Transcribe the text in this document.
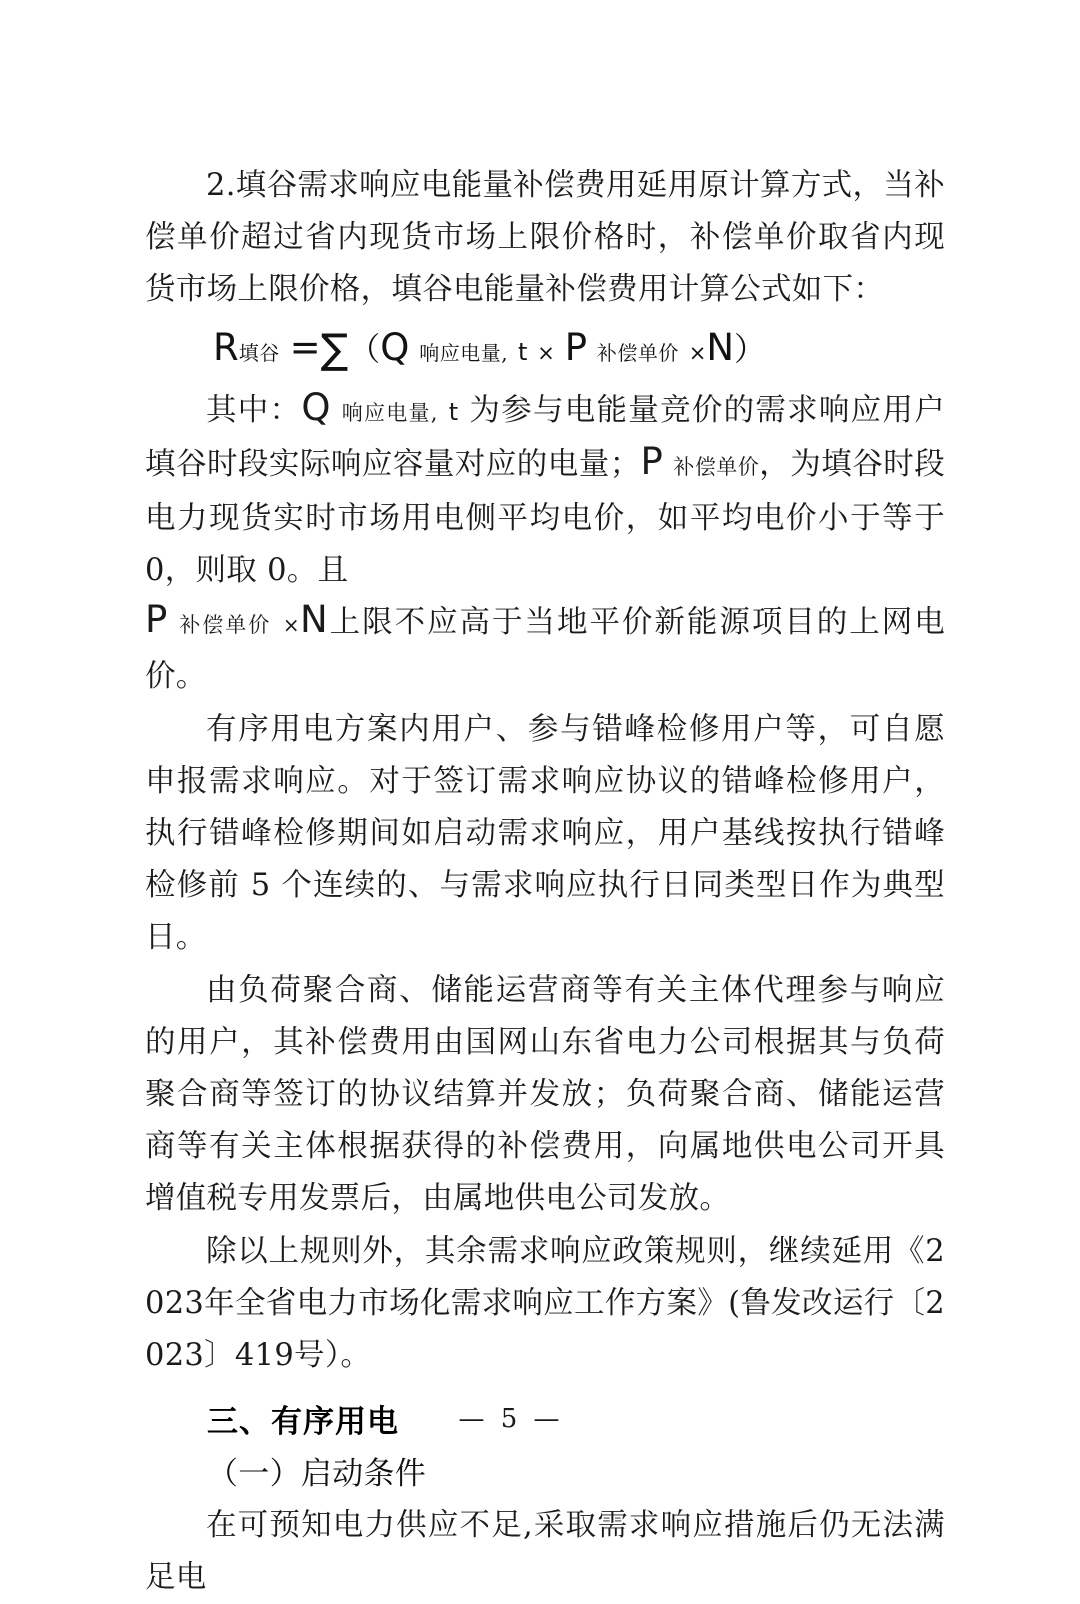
2.填谷需求响应电能量补偿费用延用原计算方式，当补偿单价超过省内现货市场上限价格时，补偿单价取省内现货市场上限价格，填谷电能量补偿费用计算公式如下：

R填谷 =∑（Q 响应电量, t × P 补偿单价 ×N）

其中：Q 响应电量, t 为参与电能量竞价的需求响应用户填谷时段实际响应容量对应的电量；P 补偿单价，为填谷时段电力现货实时市场用电侧平均电价，如平均电价小于等于 0，则取 0。且

P 补偿单价 ×N上限不应高于当地平价新能源项目的上网电价。

有序用电方案内用户、参与错峰检修用户等，可自愿申报需求响应。对于签订需求响应协议的错峰检修用户，执行错峰检修期间如启动需求响应，用户基线按执行错峰检修前 5 个连续的、与需求响应执行日同类型日作为典型日。

由负荷聚合商、储能运营商等有关主体代理参与响应的用户，其补偿费用由国网山东省电力公司根据其与负荷聚合商等签订的协议结算并发放；负荷聚合商、储能运营商等有关主体根据获得的补偿费用，向属地供电公司开具增值税专用发票后，由属地供电公司发放。

除以上规则外，其余需求响应政策规则，继续延用《2023年全省电力市场化需求响应工作方案》(鲁发改运行〔2023〕419号）。

三、有序用电
（一）启动条件

在可预知电力供应不足,采取需求响应措施后仍无法满足电

— 5 —
